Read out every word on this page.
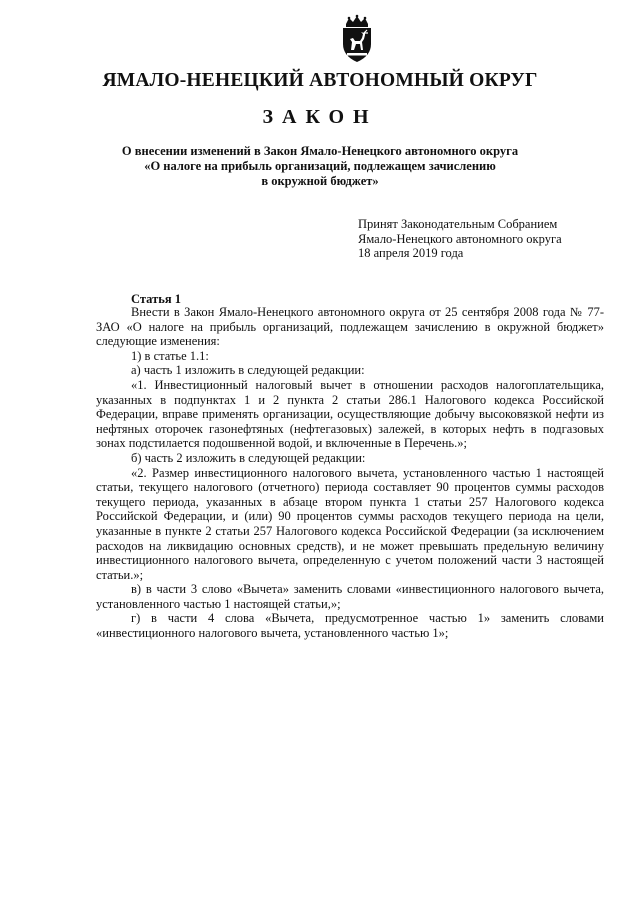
ЯМАЛО-НЕНЕЦКИЙ АВТОНОМНЫЙ ОКРУГ
ЗАКОН
О внесении изменений в Закон Ямало-Ненецкого автономного округа
«О налоге на прибыль организаций, подлежащем зачислению
в окружной бюджет»
Принят Законодательным Собранием
Ямало-Ненецкого автономного округа
18 апреля 2019 года
Статья 1

Внести в Закон Ямало-Ненецкого автономного округа от 25 сентября 2008 года № 77-ЗАО «О налоге на прибыль организаций, подлежащем зачислению в окружной бюджет» следующие изменения:

1) в статье 1.1:

а) часть 1 изложить в следующей редакции:

«1. Инвестиционный налоговый вычет в отношении расходов налогоплательщика, указанных в подпунктах 1 и 2 пункта 2 статьи 286.1 Налогового кодекса Российской Федерации, вправе применять организации, осуществляющие добычу высоковязкой нефти из нефтяных оторочек газонефтяных (нефтегазовых) залежей, в которых нефть в подгазовых зонах подстилается подошвенной водой, и включенные в Перечень.»;

б) часть 2 изложить в следующей редакции:

«2. Размер инвестиционного налогового вычета, установленного частью 1 настоящей статьи, текущего налогового (отчетного) периода составляет 90 процентов суммы расходов текущего периода, указанных в абзаце втором пункта 1 статьи 257 Налогового кодекса Российской Федерации, и (или) 90 процентов суммы расходов текущего периода на цели, указанные в пункте 2 статьи 257 Налогового кодекса Российской Федерации (за исключением расходов на ликвидацию основных средств), и не может превышать предельную величину инвестиционного налогового вычета, определенную с учетом положений части 3 настоящей статьи.»;

в) в части 3 слово «Вычета» заменить словами «инвестиционного налогового вычета, установленного частью 1 настоящей статьи,»;

г) в части 4 слова «Вычета, предусмотренное частью 1» заменить словами «инвестиционного налогового вычета, установленного частью 1»;
